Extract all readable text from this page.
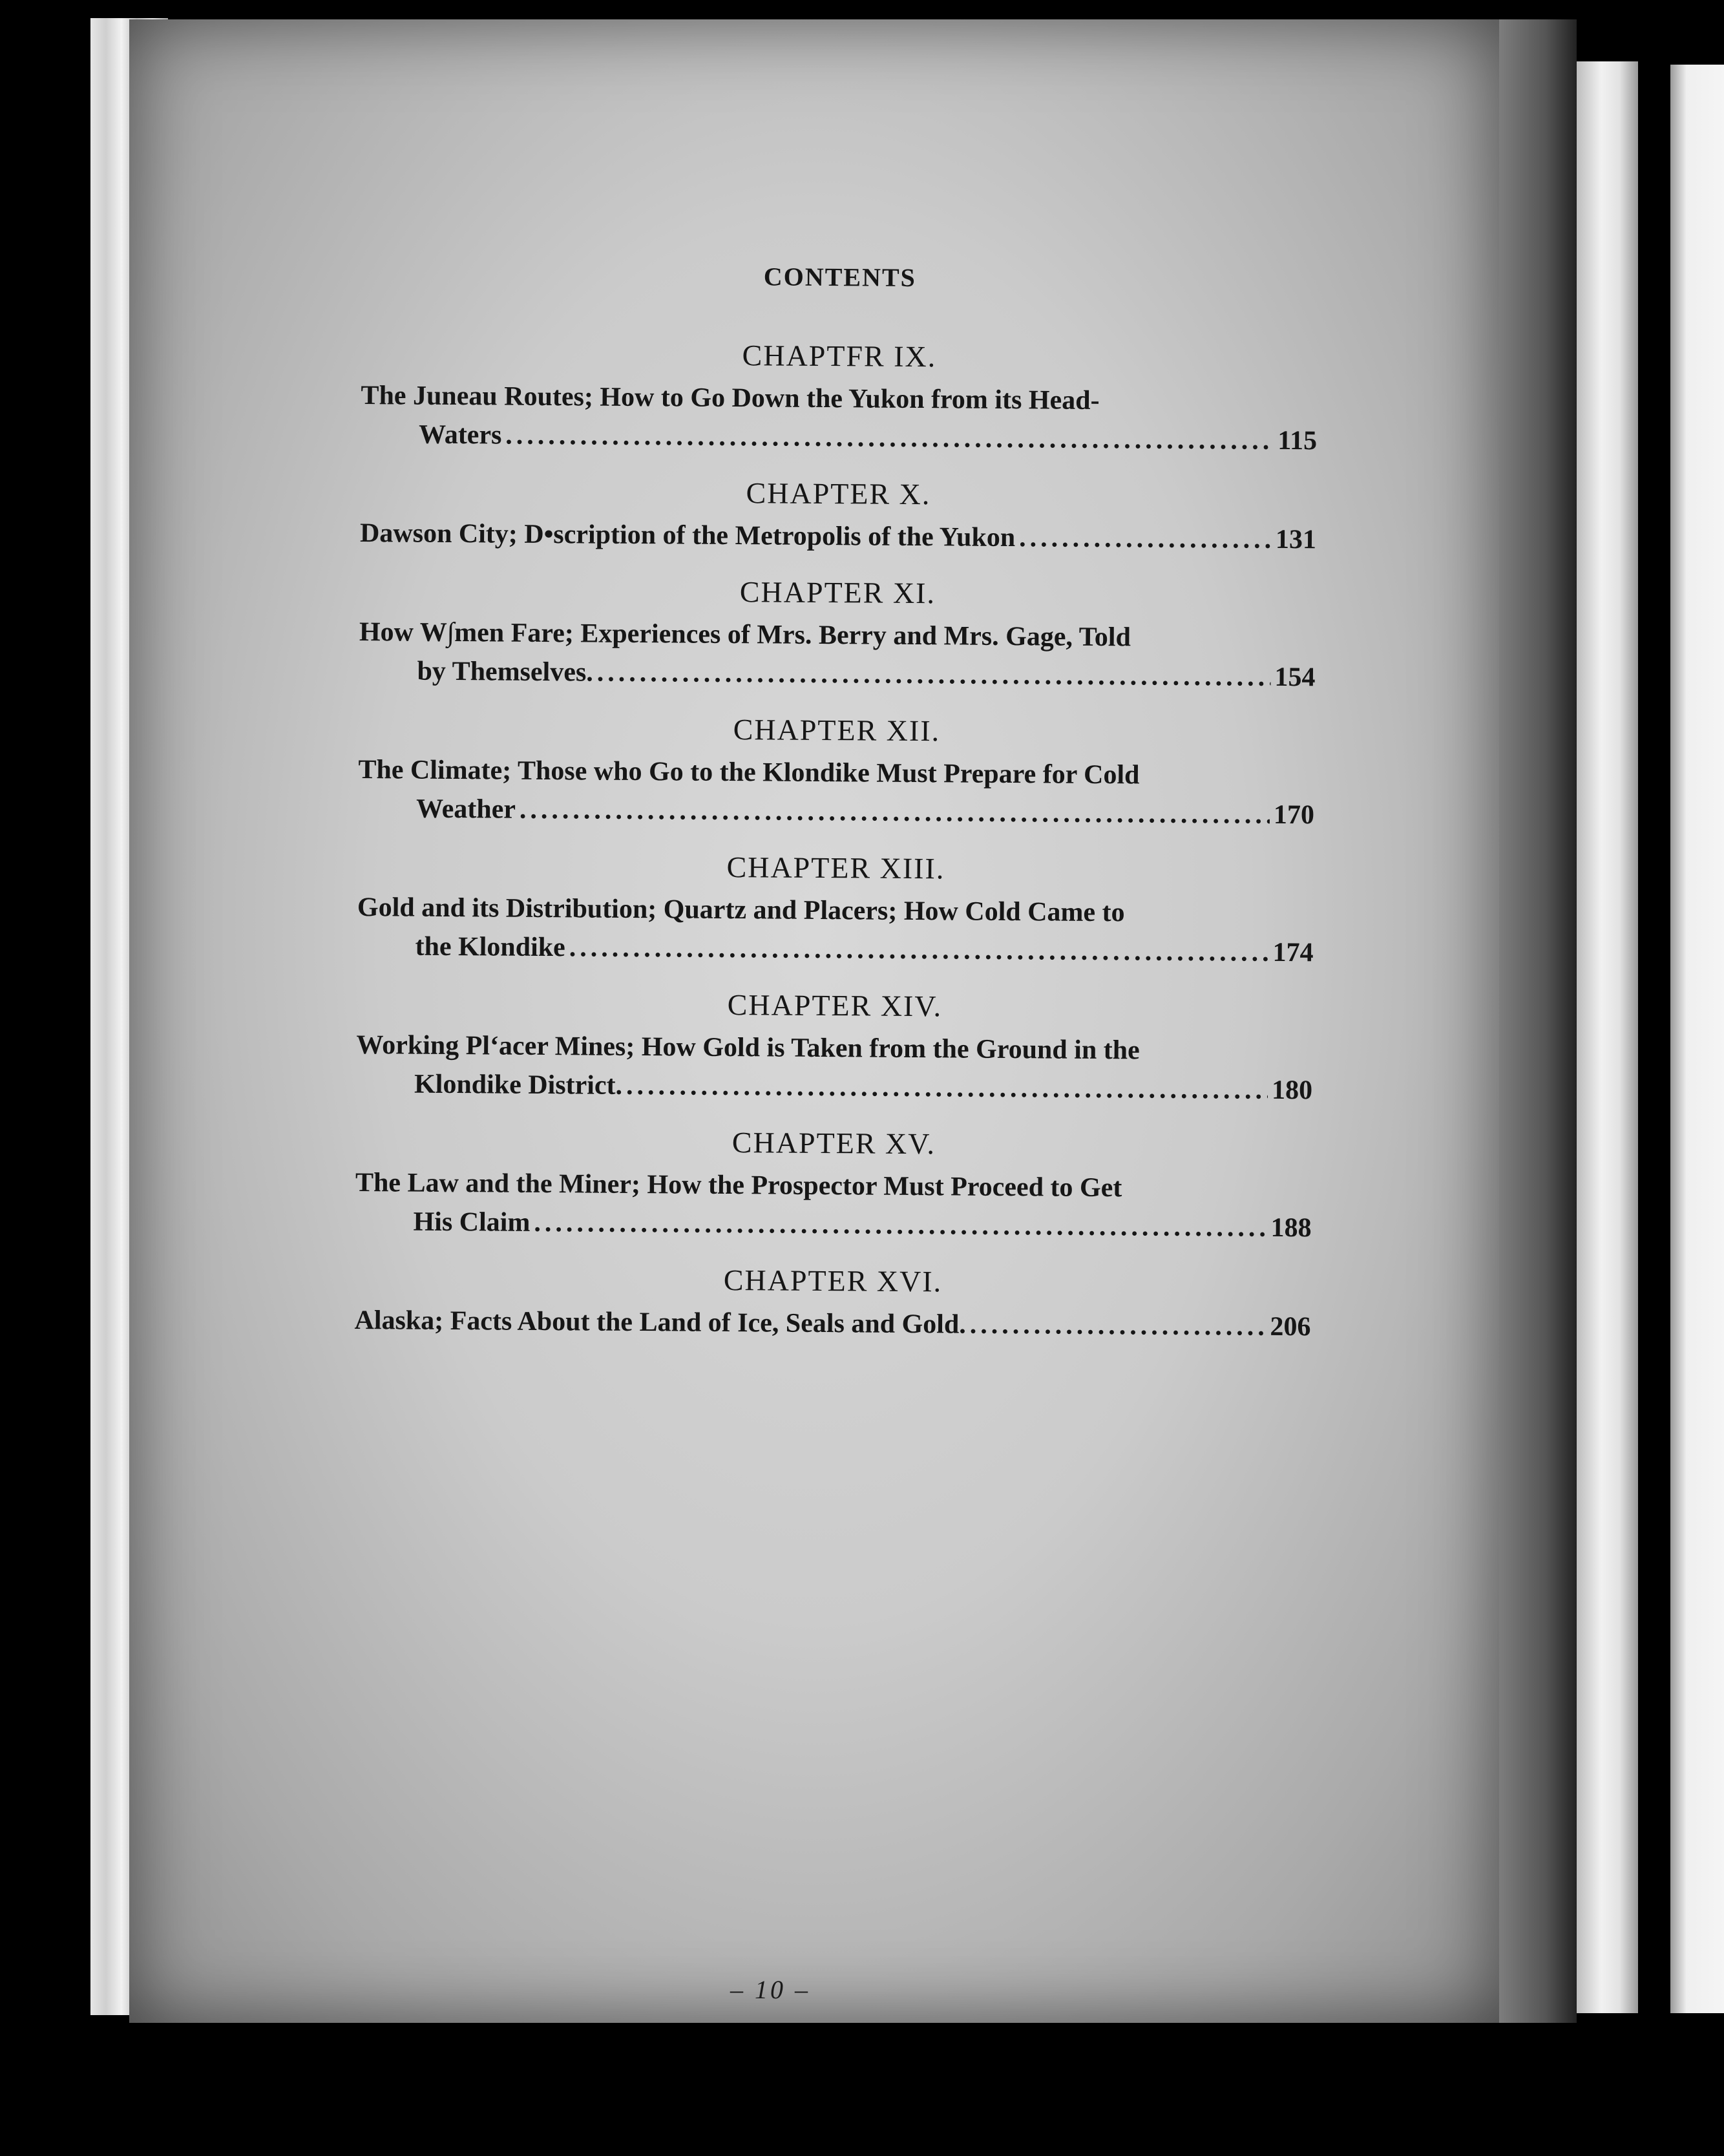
CONTENTS
CHAPTFR IX.
The Juneau Routes; How to Go Down the Yukon from its Head-
Waters .....	115
CHAPTER X.
Dawson City; D•scription of the Metropolis of the Yukon .....	131
CHAPTER XI.
How W∫men Fare; Experiences of Mrs. Berry and Mrs. Gage, Told
by Themselves. .....	154
CHAPTER XII.
The Climate; Those who Go to the Klondike Must Prepare for Cold
Weather .....	170
CHAPTER XIII.
Gold and its Distribution; Quartz and Placers; How Cold Came to
the Klondike .....	174
CHAPTER XIV.
Working Plʻacer Mines; How Gold is Taken from the Ground in the
Klondike District. .....	180
CHAPTER XV.
The Law and the Miner; How the Prospector Must Proceed to Get
His Claim .....	188
CHAPTER XVI.
Alaska; Facts About the Land of Ice, Seals and Gold. .....	206
– 10 –
